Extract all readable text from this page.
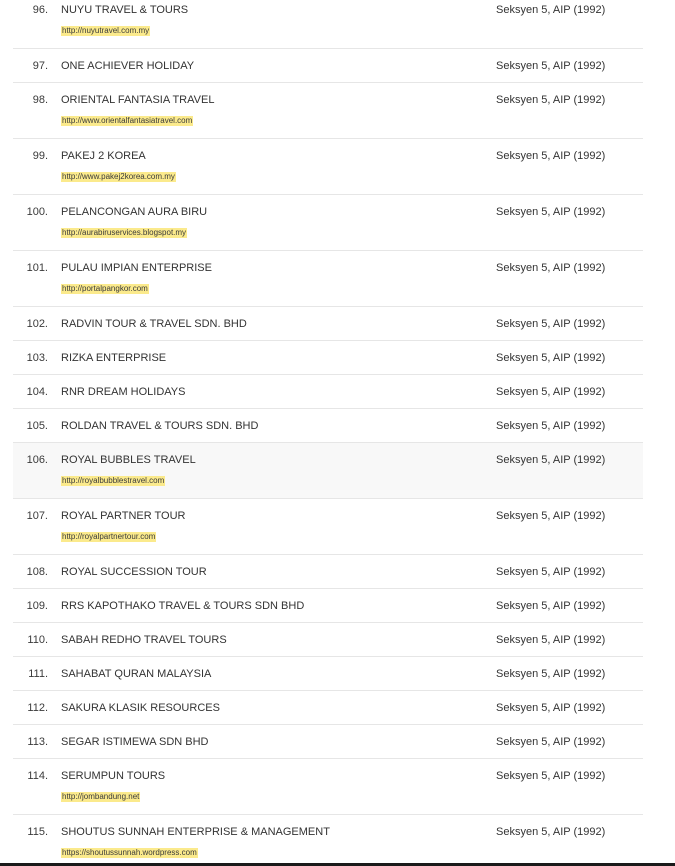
96. NUYU TRAVEL & TOURS
http://nuyutravel.com.my
Seksyen 5, AIP (1992)
97. ONE ACHIEVER HOLIDAY	Seksyen 5, AIP (1992)
98. ORIENTAL FANTASIA TRAVEL
http://www.orientalfantasiatravel.com
Seksyen 5, AIP (1992)
99. PAKEJ 2 KOREA
http://www.pakej2korea.com.my
Seksyen 5, AIP (1992)
100. PELANCONGAN AURA BIRU
http://aurabiruservices.blogspot.my
Seksyen 5, AIP (1992)
101. PULAU IMPIAN ENTERPRISE
http://portalpangkor.com
Seksyen 5, AIP (1992)
102. RADVIN TOUR & TRAVEL SDN. BHD	Seksyen 5, AIP (1992)
103. RIZKA ENTERPRISE	Seksyen 5, AIP (1992)
104. RNR DREAM HOLIDAYS	Seksyen 5, AIP (1992)
105. ROLDAN TRAVEL & TOURS SDN. BHD	Seksyen 5, AIP (1992)
106. ROYAL BUBBLES TRAVEL
http://royalbubblestravel.com
Seksyen 5, AIP (1992)
107. ROYAL PARTNER TOUR
http://royalpartnertour.com
Seksyen 5, AIP (1992)
108. ROYAL SUCCESSION TOUR	Seksyen 5, AIP (1992)
109. RRS KAPOTHAKO TRAVEL & TOURS SDN BHD	Seksyen 5, AIP (1992)
110. SABAH REDHO TRAVEL TOURS	Seksyen 5, AIP (1992)
111. SAHABAT QURAN MALAYSIA	Seksyen 5, AIP (1992)
112. SAKURA KLASIK RESOURCES	Seksyen 5, AIP (1992)
113. SEGAR ISTIMEWA SDN BHD	Seksyen 5, AIP (1992)
114. SERUMPUN TOURS
http://jombandung.net
Seksyen 5, AIP (1992)
115. SHOUTUS SUNNAH ENTERPRISE & MANAGEMENT
https://shoutussunnah.wordpress.com
Seksyen 5, AIP (1992)
